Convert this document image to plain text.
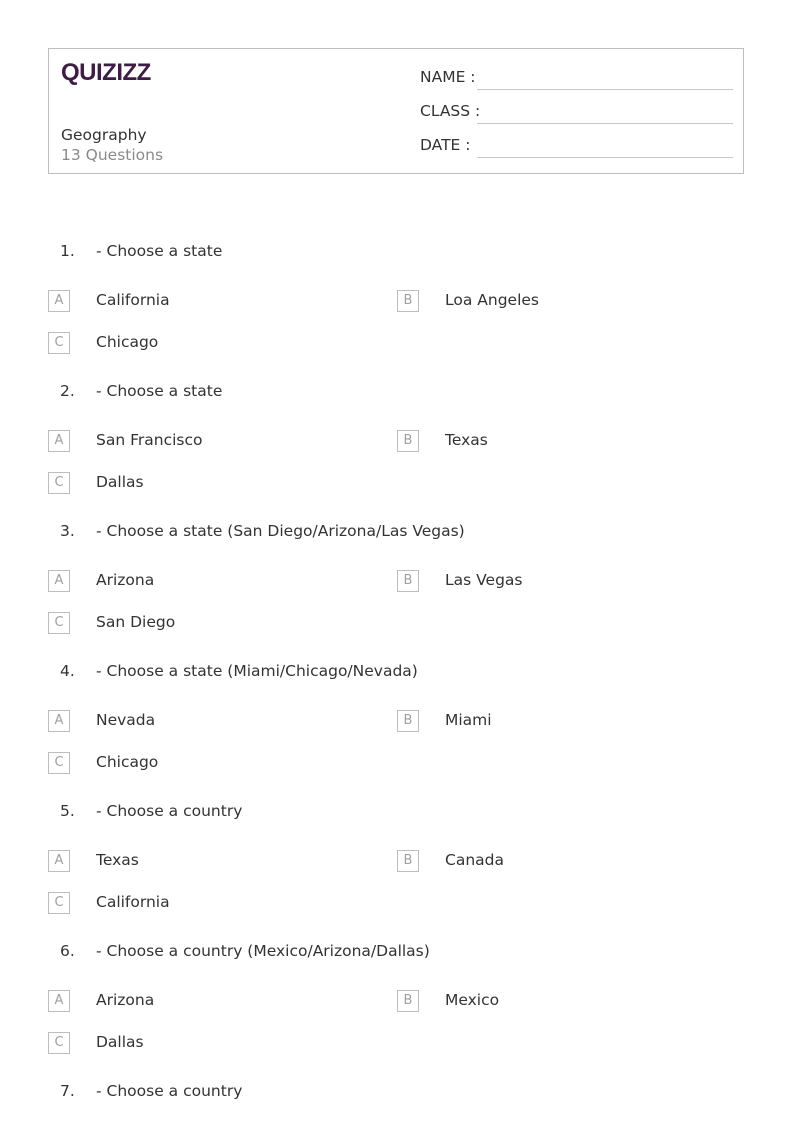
QUIZIZZ
Geography
13 Questions
NAME :
CLASS :
DATE :
1. - Choose a state
A	California	B	Loa Angeles
C	Chicago
2. - Choose a state
A	San Francisco	B	Texas
C	Dallas
3. - Choose a state (San Diego/Arizona/Las Vegas)
A	Arizona	B	Las Vegas
C	San Diego
4. - Choose a state (Miami/Chicago/Nevada)
A	Nevada	B	Miami
C	Chicago
5. - Choose a country
A	Texas	B	Canada
C	California
6. - Choose a country (Mexico/Arizona/Dallas)
A	Arizona	B	Mexico
C	Dallas
7. - Choose a country
